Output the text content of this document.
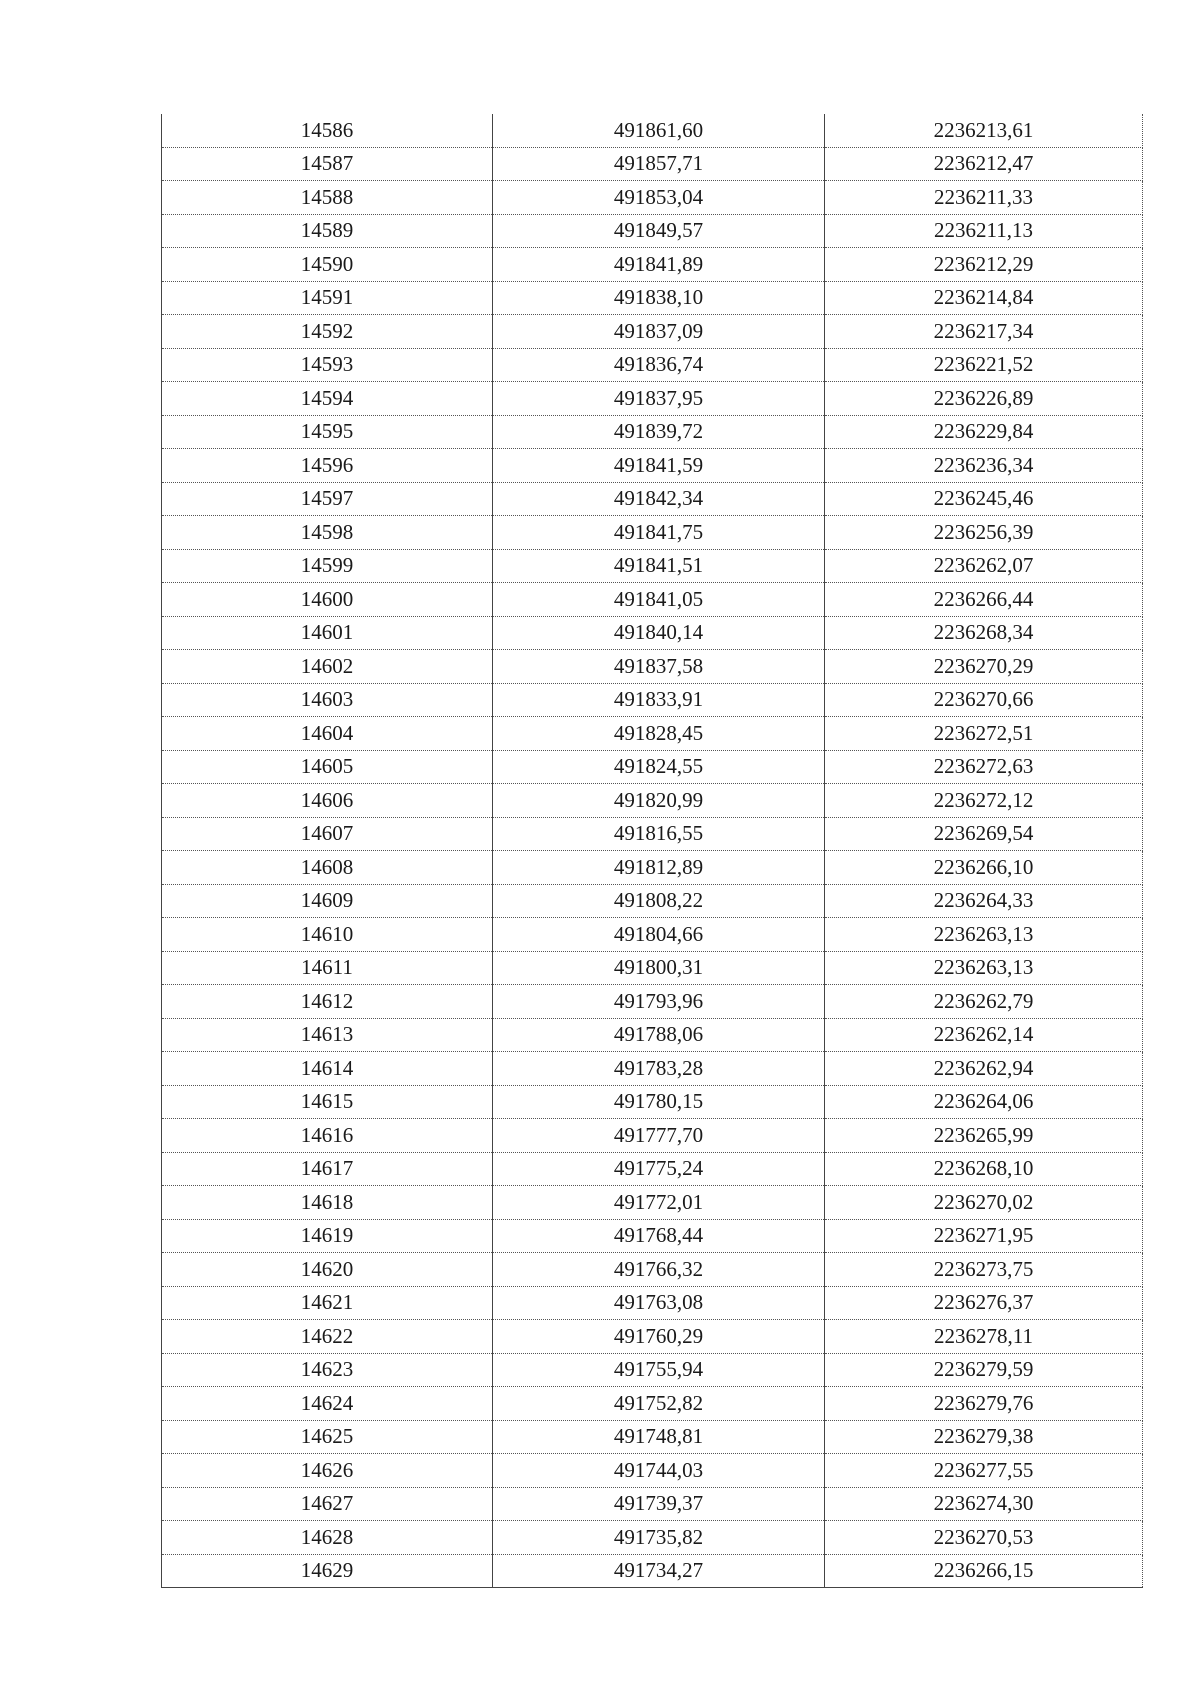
14586	491861,60	2236213,61
14587	491857,71	2236212,47
14588	491853,04	2236211,33
14589	491849,57	2236211,13
14590	491841,89	2236212,29
14591	491838,10	2236214,84
14592	491837,09	2236217,34
14593	491836,74	2236221,52
14594	491837,95	2236226,89
14595	491839,72	2236229,84
14596	491841,59	2236236,34
14597	491842,34	2236245,46
14598	491841,75	2236256,39
14599	491841,51	2236262,07
14600	491841,05	2236266,44
14601	491840,14	2236268,34
14602	491837,58	2236270,29
14603	491833,91	2236270,66
14604	491828,45	2236272,51
14605	491824,55	2236272,63
14606	491820,99	2236272,12
14607	491816,55	2236269,54
14608	491812,89	2236266,10
14609	491808,22	2236264,33
14610	491804,66	2236263,13
14611	491800,31	2236263,13
14612	491793,96	2236262,79
14613	491788,06	2236262,14
14614	491783,28	2236262,94
14615	491780,15	2236264,06
14616	491777,70	2236265,99
14617	491775,24	2236268,10
14618	491772,01	2236270,02
14619	491768,44	2236271,95
14620	491766,32	2236273,75
14621	491763,08	2236276,37
14622	491760,29	2236278,11
14623	491755,94	2236279,59
14624	491752,82	2236279,76
14625	491748,81	2236279,38
14626	491744,03	2236277,55
14627	491739,37	2236274,30
14628	491735,82	2236270,53
14629	491734,27	2236266,15
